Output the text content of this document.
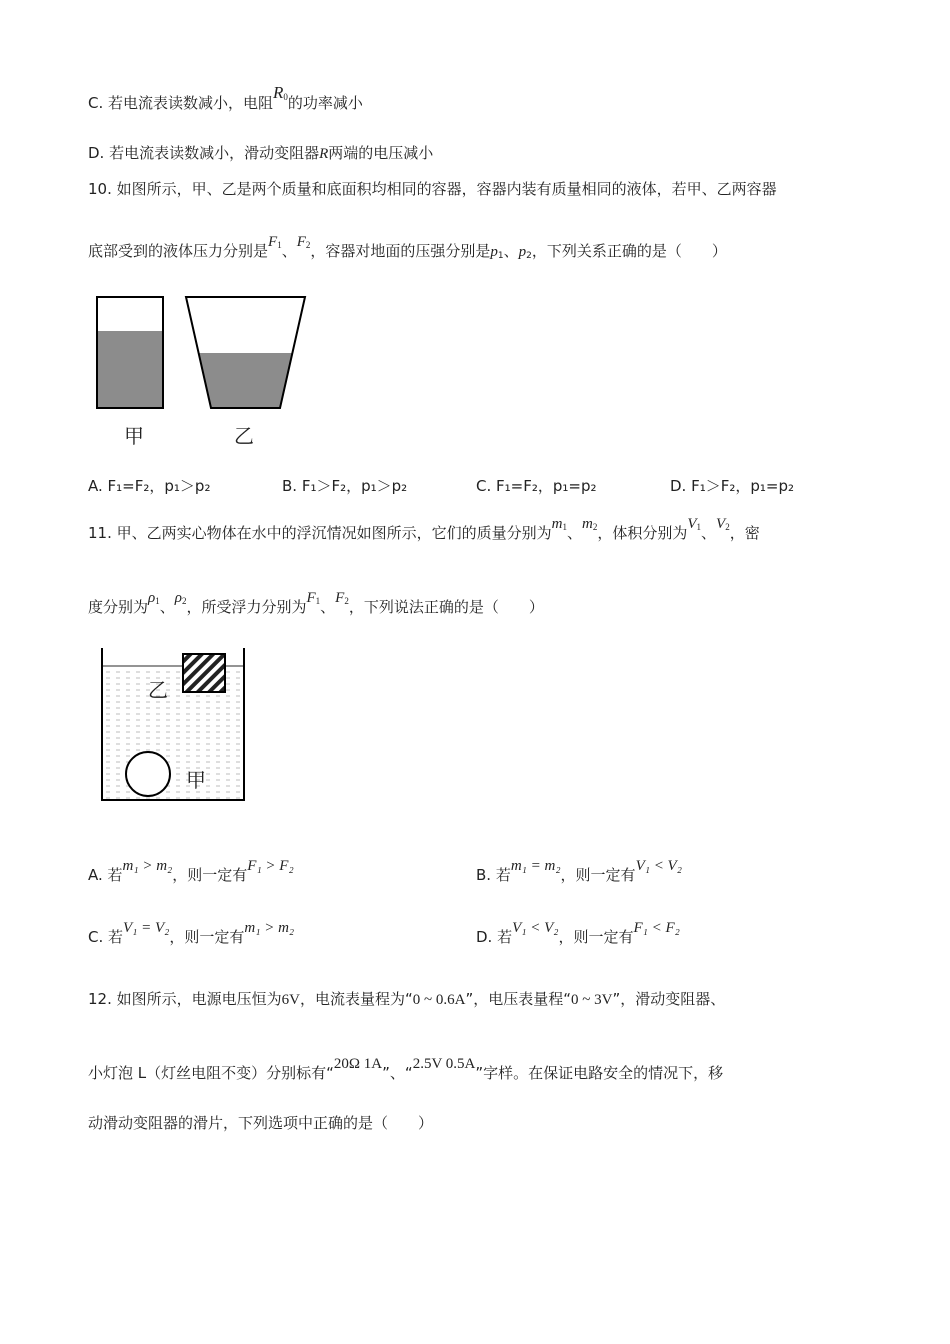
C. 若电流表读数减小，电阻$R_0$的功率减小
D. 若电流表读数减小，滑动变阻器R两端的电压减小
10. 如图所示，甲、乙是两个质量和底面积均相同的容器，容器内装有质量相同的液体，若甲、乙两容器
底部受到的液体压力分别是$F_1$、$F_2$，容器对地面的压强分别是$p_1$、$p_2$，下列关系正确的是（　　）
甲	乙
A. F₁=F₂，p₁＞p₂	B. F₁＞F₂，p₁＞p₂	C. F₁=F₂，p₁=p₂	D. F₁＞F₂，p₁=p₂
11. 甲、乙两实心物体在水中的浮沉情况如图所示，它们的质量分别为$m_1$、$m_2$，体积分别为$V_1$、$V_2$，密
度分别为$\rho_1$、$\rho_2$，所受浮力分别为$F_1$、$F_2$，下列说法正确的是（　　）
乙
甲
A. 若m₁ > m₂，则一定有F₁ > F₂	B. 若m₁ = m₂，则一定有V₁ < V₂
C. 若V₁ = V₂，则一定有m₁ > m₂	D. 若V₁ < V₂，则一定有F₁ < F₂
12. 如图所示，电源电压恒为6V，电流表量程为“0 ~ 0.6A”，电压表量程“0 ~ 3V”，滑动变阻器、
小灯泡 L（灯丝电阻不变）分别标有“20Ω 1A”、“2.5V 0.5A”字样。在保证电路安全的情况下，移
动滑动变阻器的滑片，下列选项中正确的是（　　）
